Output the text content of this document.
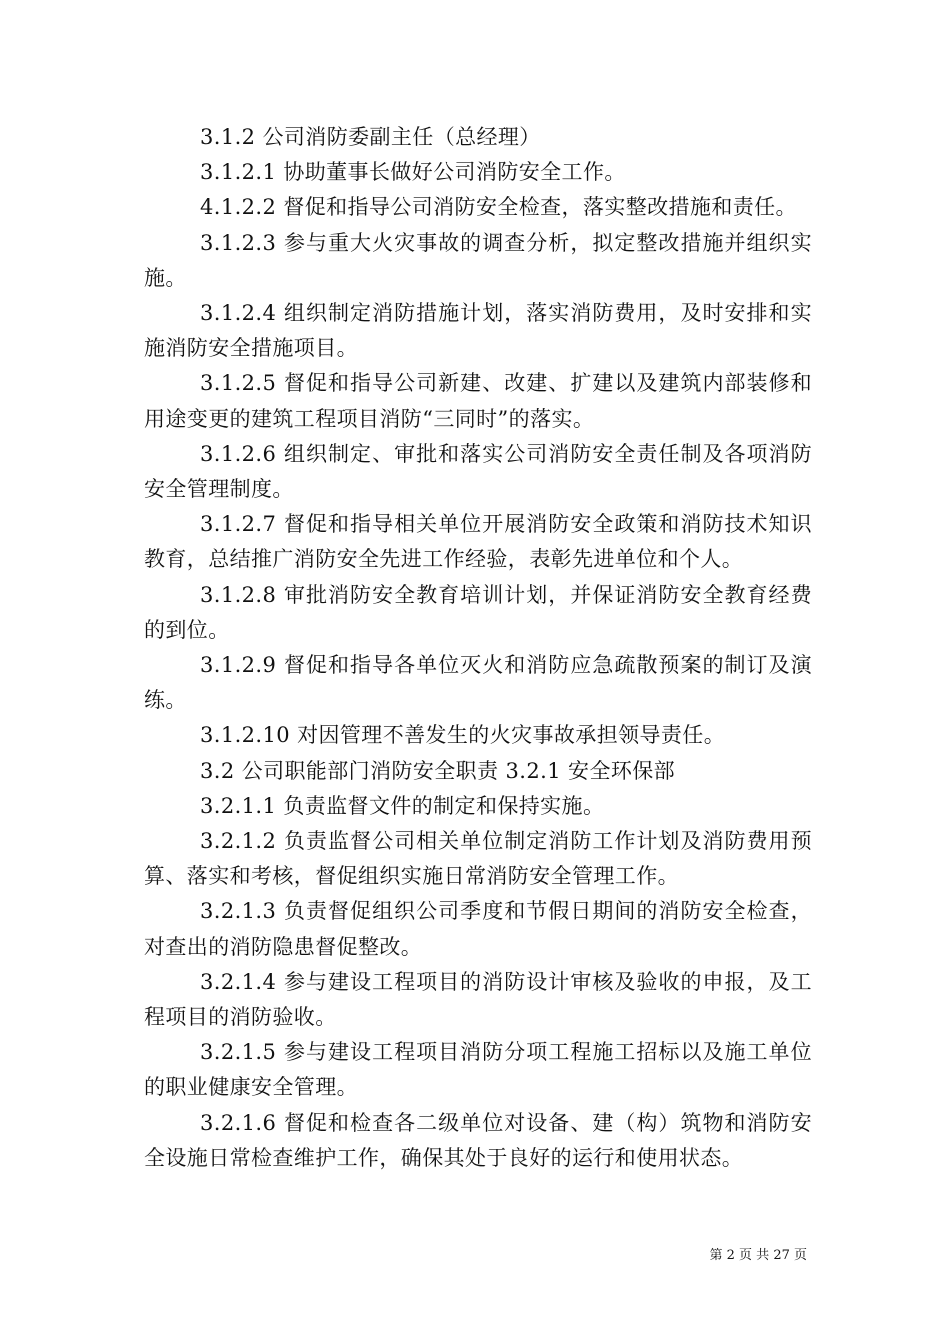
3.1.2 公司消防委副主任（总经理）

3.1.2.1 协助董事长做好公司消防安全工作。

4.1.2.2 督促和指导公司消防安全检查，落实整改措施和责任。

3.1.2.3 参与重大火灾事故的调查分析，拟定整改措施并组织实施。

3.1.2.4 组织制定消防措施计划，落实消防费用，及时安排和实施消防安全措施项目。

3.1.2.5 督促和指导公司新建、改建、扩建以及建筑内部装修和用途变更的建筑工程项目消防“三同时”的落实。

3.1.2.6 组织制定、审批和落实公司消防安全责任制及各项消防安全管理制度。

3.1.2.7 督促和指导相关单位开展消防安全政策和消防技术知识教育，总结推广消防安全先进工作经验，表彰先进单位和个人。

3.1.2.8 审批消防安全教育培训计划，并保证消防安全教育经费的到位。

3.1.2.9 督促和指导各单位灭火和消防应急疏散预案的制订及演练。

3.1.2.10 对因管理不善发生的火灾事故承担领导责任。

3.2 公司职能部门消防安全职责 3.2.1 安全环保部

3.2.1.1 负责监督文件的制定和保持实施。

3.2.1.2 负责监督公司相关单位制定消防工作计划及消防费用预算、落实和考核，督促组织实施日常消防安全管理工作。

3.2.1.3 负责督促组织公司季度和节假日期间的消防安全检查，对查出的消防隐患督促整改。

3.2.1.4 参与建设工程项目的消防设计审核及验收的申报，及工程项目的消防验收。

3.2.1.5 参与建设工程项目消防分项工程施工招标以及施工单位的职业健康安全管理。

3.2.1.6 督促和检查各二级单位对设备、建（构）筑物和消防安全设施日常检查维护工作，确保其处于良好的运行和使用状态。

第 2 页 共 27 页
